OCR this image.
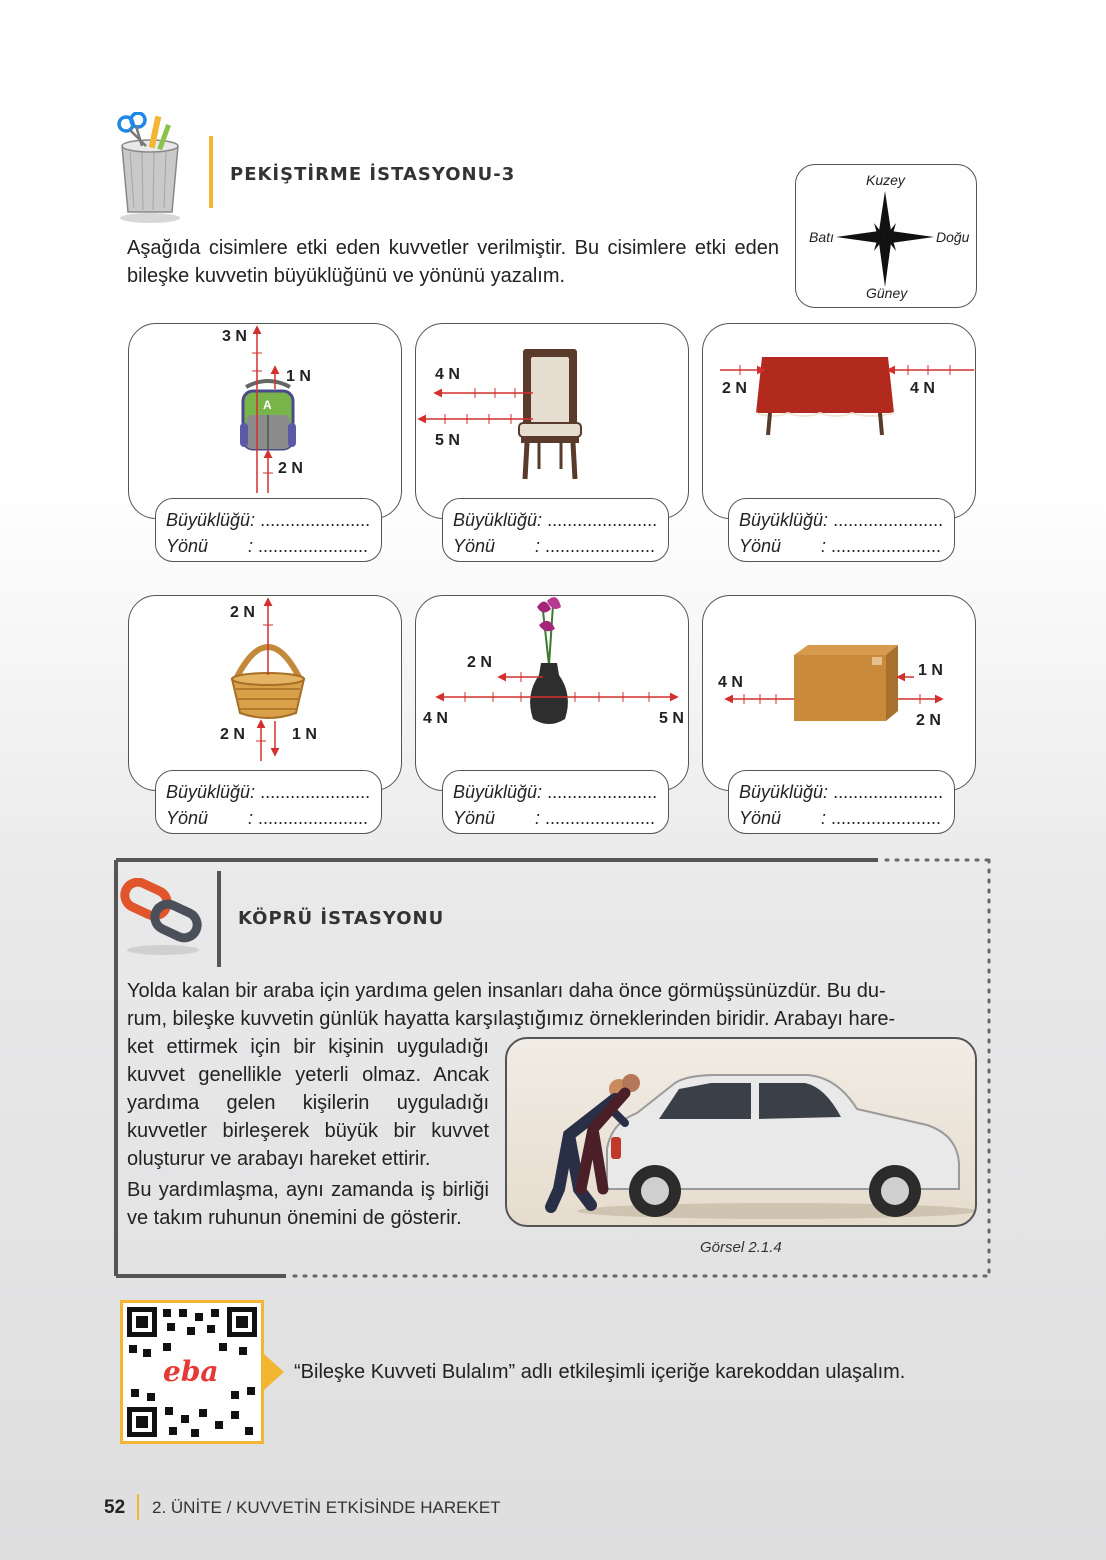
PEKİŞTİRME İSTASYONU-3
Aşağıda cisimlere etki eden kuvvetler verilmiştir. Bu cisimlere etki eden bileşke kuvvetin büyüklüğünü ve yönünü yazalım.
Kuzey
Güney
Batı	Doğu
A
3 N
1 N
2 N
Büyüklüğü:
......................
Yönü	:
......................
4 N
5 N
Büyüklüğü:
......................
Yönü	:
......................
2 N	4 N
Büyüklüğü:
......................
Yönü	:
......................
2 N
2 N	1 N
Büyüklüğü:
......................
Yönü	:
......................
2 N
4 N	5 N
Büyüklüğü:
......................
Yönü	:
......................
4 N
1 N
2 N
Büyüklüğü:
......................
Yönü	:
......................
KÖPRÜ İSTASYONU
Yolda kalan bir araba için yardıma gelen insanları daha önce görmüşsünüzdür. Bu du-
rum, bileşke kuvvetin günlük hayatta karşılaştığımız örneklerinden biridir. Arabayı hare-
ket ettirmek için bir kişinin uyguladığı kuvvet genellikle yeterli olmaz. Ancak yardıma gelen kişilerin uyguladığı kuvvetler birleşerek büyük bir kuvvet oluşturur ve arabayı hareket ettirir.
Bu yardımlaşma, aynı zamanda iş birliği ve takım ruhunun önemini de gösterir.
Görsel 2.1.4
eba	“Bileşke Kuvveti Bulalım” adlı etkileşimli içeriğe karekoddan ulaşalım.
52 2. ÜNİTE / KUVVETİN ETKİSİNDE HAREKET
